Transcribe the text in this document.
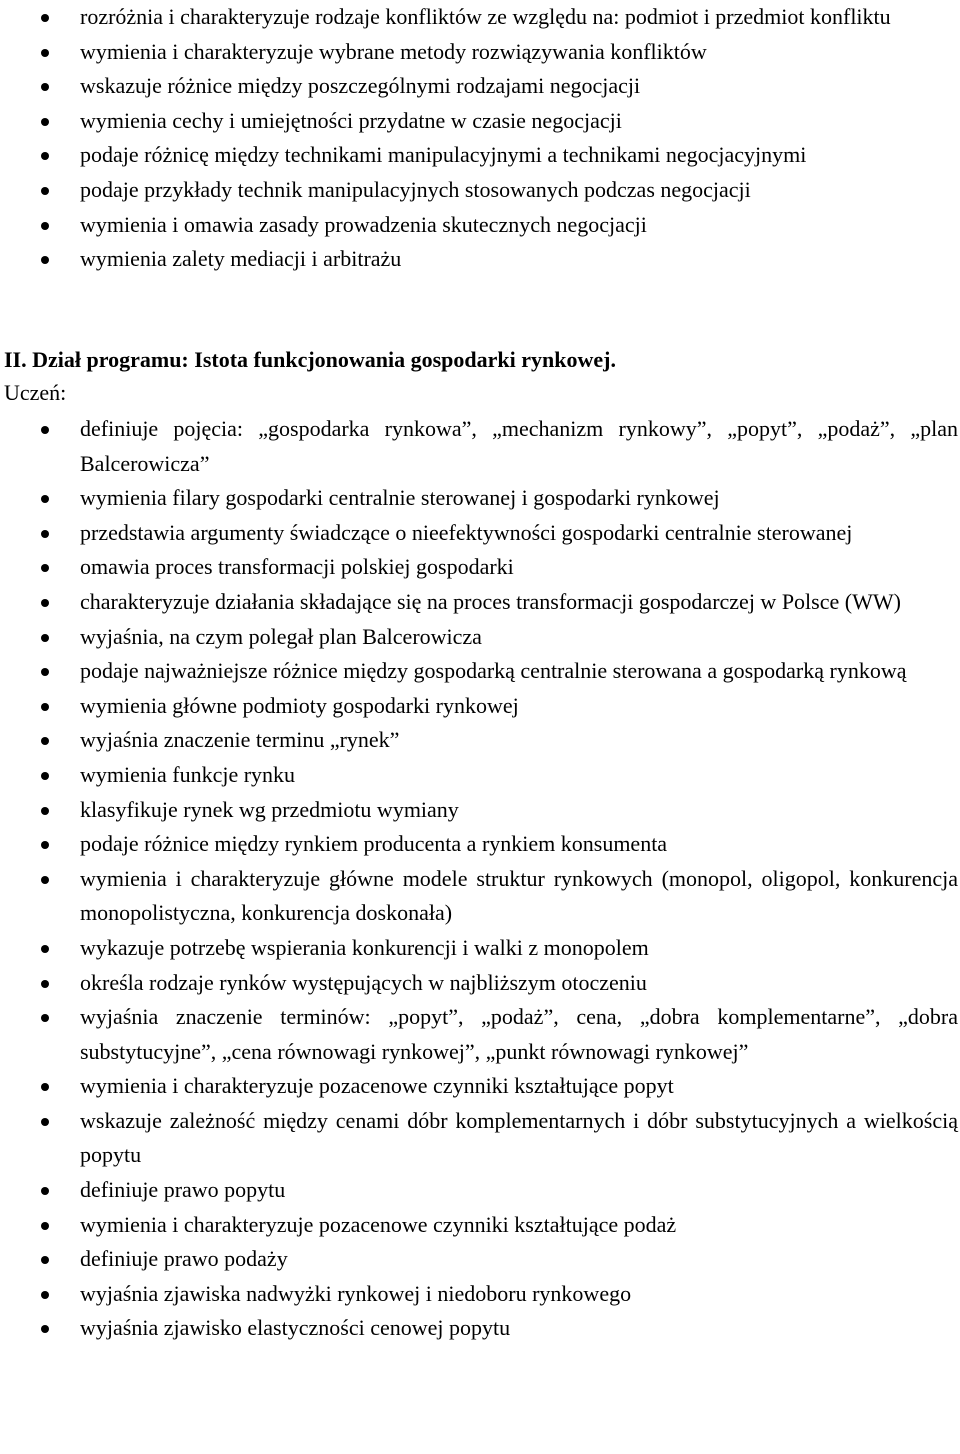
rozróżnia i charakteryzuje rodzaje konfliktów ze względu na: podmiot i przedmiot konfliktu
wymienia i charakteryzuje wybrane metody rozwiązywania konfliktów
wskazuje różnice między poszczególnymi rodzajami negocjacji
wymienia cechy i umiejętności przydatne w czasie negocjacji
podaje różnicę między technikami manipulacyjnymi a technikami negocjacyjnymi
podaje przykłady technik manipulacyjnych stosowanych podczas negocjacji
wymienia i omawia zasady prowadzenia skutecznych negocjacji
wymienia zalety mediacji i arbitrażu
II. Dział programu: Istota funkcjonowania gospodarki rynkowej.

Uczeń:

definiuje pojęcia: „gospodarka rynkowa”, „mechanizm rynkowy”, „popyt”, „podaż”, „plan Balcerowicza”
wymienia filary gospodarki centralnie sterowanej i gospodarki rynkowej
przedstawia argumenty świadczące o nieefektywności gospodarki centralnie sterowanej
omawia proces transformacji polskiej gospodarki
charakteryzuje działania składające się na proces transformacji gospodarczej w Polsce (WW)
wyjaśnia, na czym polegał plan Balcerowicza
podaje najważniejsze różnice między gospodarką centralnie sterowana a gospodarką rynkową
wymienia główne podmioty gospodarki rynkowej
wyjaśnia znaczenie terminu „rynek”
wymienia funkcje rynku
klasyfikuje rynek wg przedmiotu wymiany
podaje różnice między rynkiem producenta a rynkiem konsumenta
wymienia i charakteryzuje główne modele struktur rynkowych (monopol, oligopol, konkurencja monopolistyczna, konkurencja doskonała)
wykazuje potrzebę wspierania konkurencji i walki z monopolem
określa rodzaje rynków występujących w najbliższym otoczeniu
wyjaśnia znaczenie terminów: „popyt”, „podaż”, cena, „dobra komplementarne”, „dobra substytucyjne”, „cena równowagi rynkowej”, „punkt równowagi rynkowej”
wymienia i charakteryzuje pozacenowe czynniki kształtujące popyt
wskazuje zależność między cenami dóbr komplementarnych i dóbr substytucyjnych a wielkością popytu
definiuje prawo popytu
wymienia i charakteryzuje pozacenowe czynniki kształtujące podaż
definiuje prawo podaży
wyjaśnia zjawiska nadwyżki rynkowej i niedoboru rynkowego
wyjaśnia zjawisko elastyczności cenowej popytu
